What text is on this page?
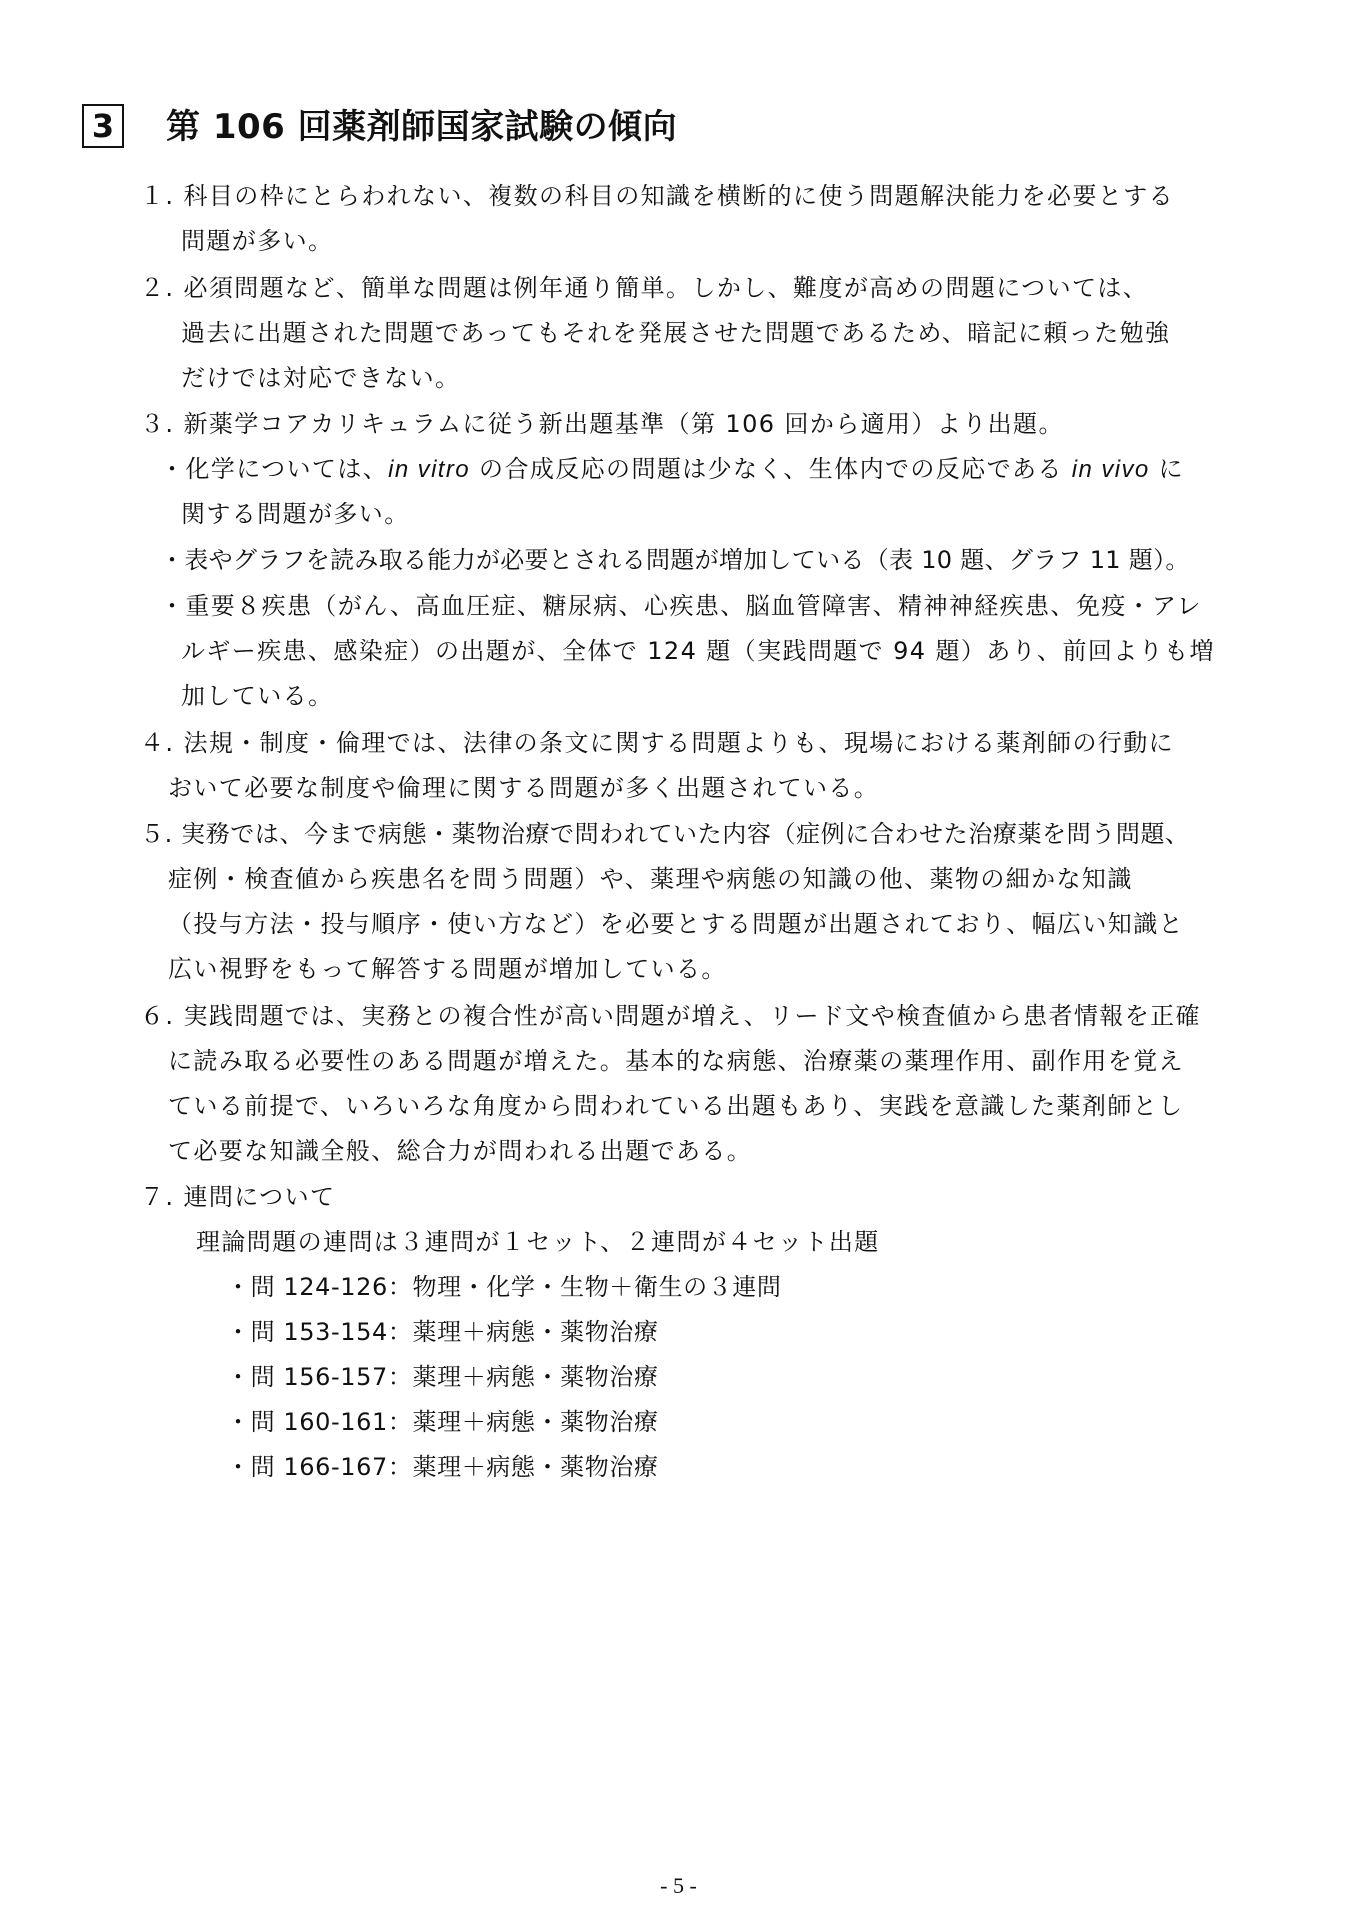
3 第 106 回薬剤師国家試験の傾向
１. 科目の枠にとらわれない、複数の科目の知識を横断的に使う問題解決能力を必要とする
問題が多い。
２. 必須問題など、簡単な問題は例年通り簡単。しかし、難度が高めの問題については、
過去に出題された問題であってもそれを発展させた問題であるため、暗記に頼った勉強
だけでは対応できない。
３. 新薬学コアカリキュラムに従う新出題基準（第 106 回から適用）より出題。
・化学については、in vitro の合成反応の問題は少なく、生体内での反応である in vivo に
関する問題が多い。
・表やグラフを読み取る能力が必要とされる問題が増加している（表 10 題、グラフ 11 題）。
・重要８疾患（がん、高血圧症、糖尿病、心疾患、脳血管障害、精神神経疾患、免疫・アレ
ルギー疾患、感染症）の出題が、全体で 124 題（実践問題で 94 題）あり、前回よりも増
加している。
４. 法規・制度・倫理では、法律の条文に関する問題よりも、現場における薬剤師の行動に
おいて必要な制度や倫理に関する問題が多く出題されている。
５. 実務では、今まで病態・薬物治療で問われていた内容（症例に合わせた治療薬を問う問題、
症例・検査値から疾患名を問う問題）や、薬理や病態の知識の他、薬物の細かな知識
（投与方法・投与順序・使い方など）を必要とする問題が出題されており、幅広い知識と
広い視野をもって解答する問題が増加している。
６. 実践問題では、実務との複合性が高い問題が増え、リード文や検査値から患者情報を正確
に読み取る必要性のある問題が増えた。基本的な病態、治療薬の薬理作用、副作用を覚え
ている前提で、いろいろな角度から問われている出題もあり、実践を意識した薬剤師とし
て必要な知識全般、総合力が問われる出題である。
７. 連問について
理論問題の連問は３連問が１セット、２連問が４セット出題
・問 124-126：物理・化学・生物＋衛生の３連問
・問 153-154：薬理＋病態・薬物治療
・問 156-157：薬理＋病態・薬物治療
・問 160-161：薬理＋病態・薬物治療
・問 166-167：薬理＋病態・薬物治療
- 5 -
